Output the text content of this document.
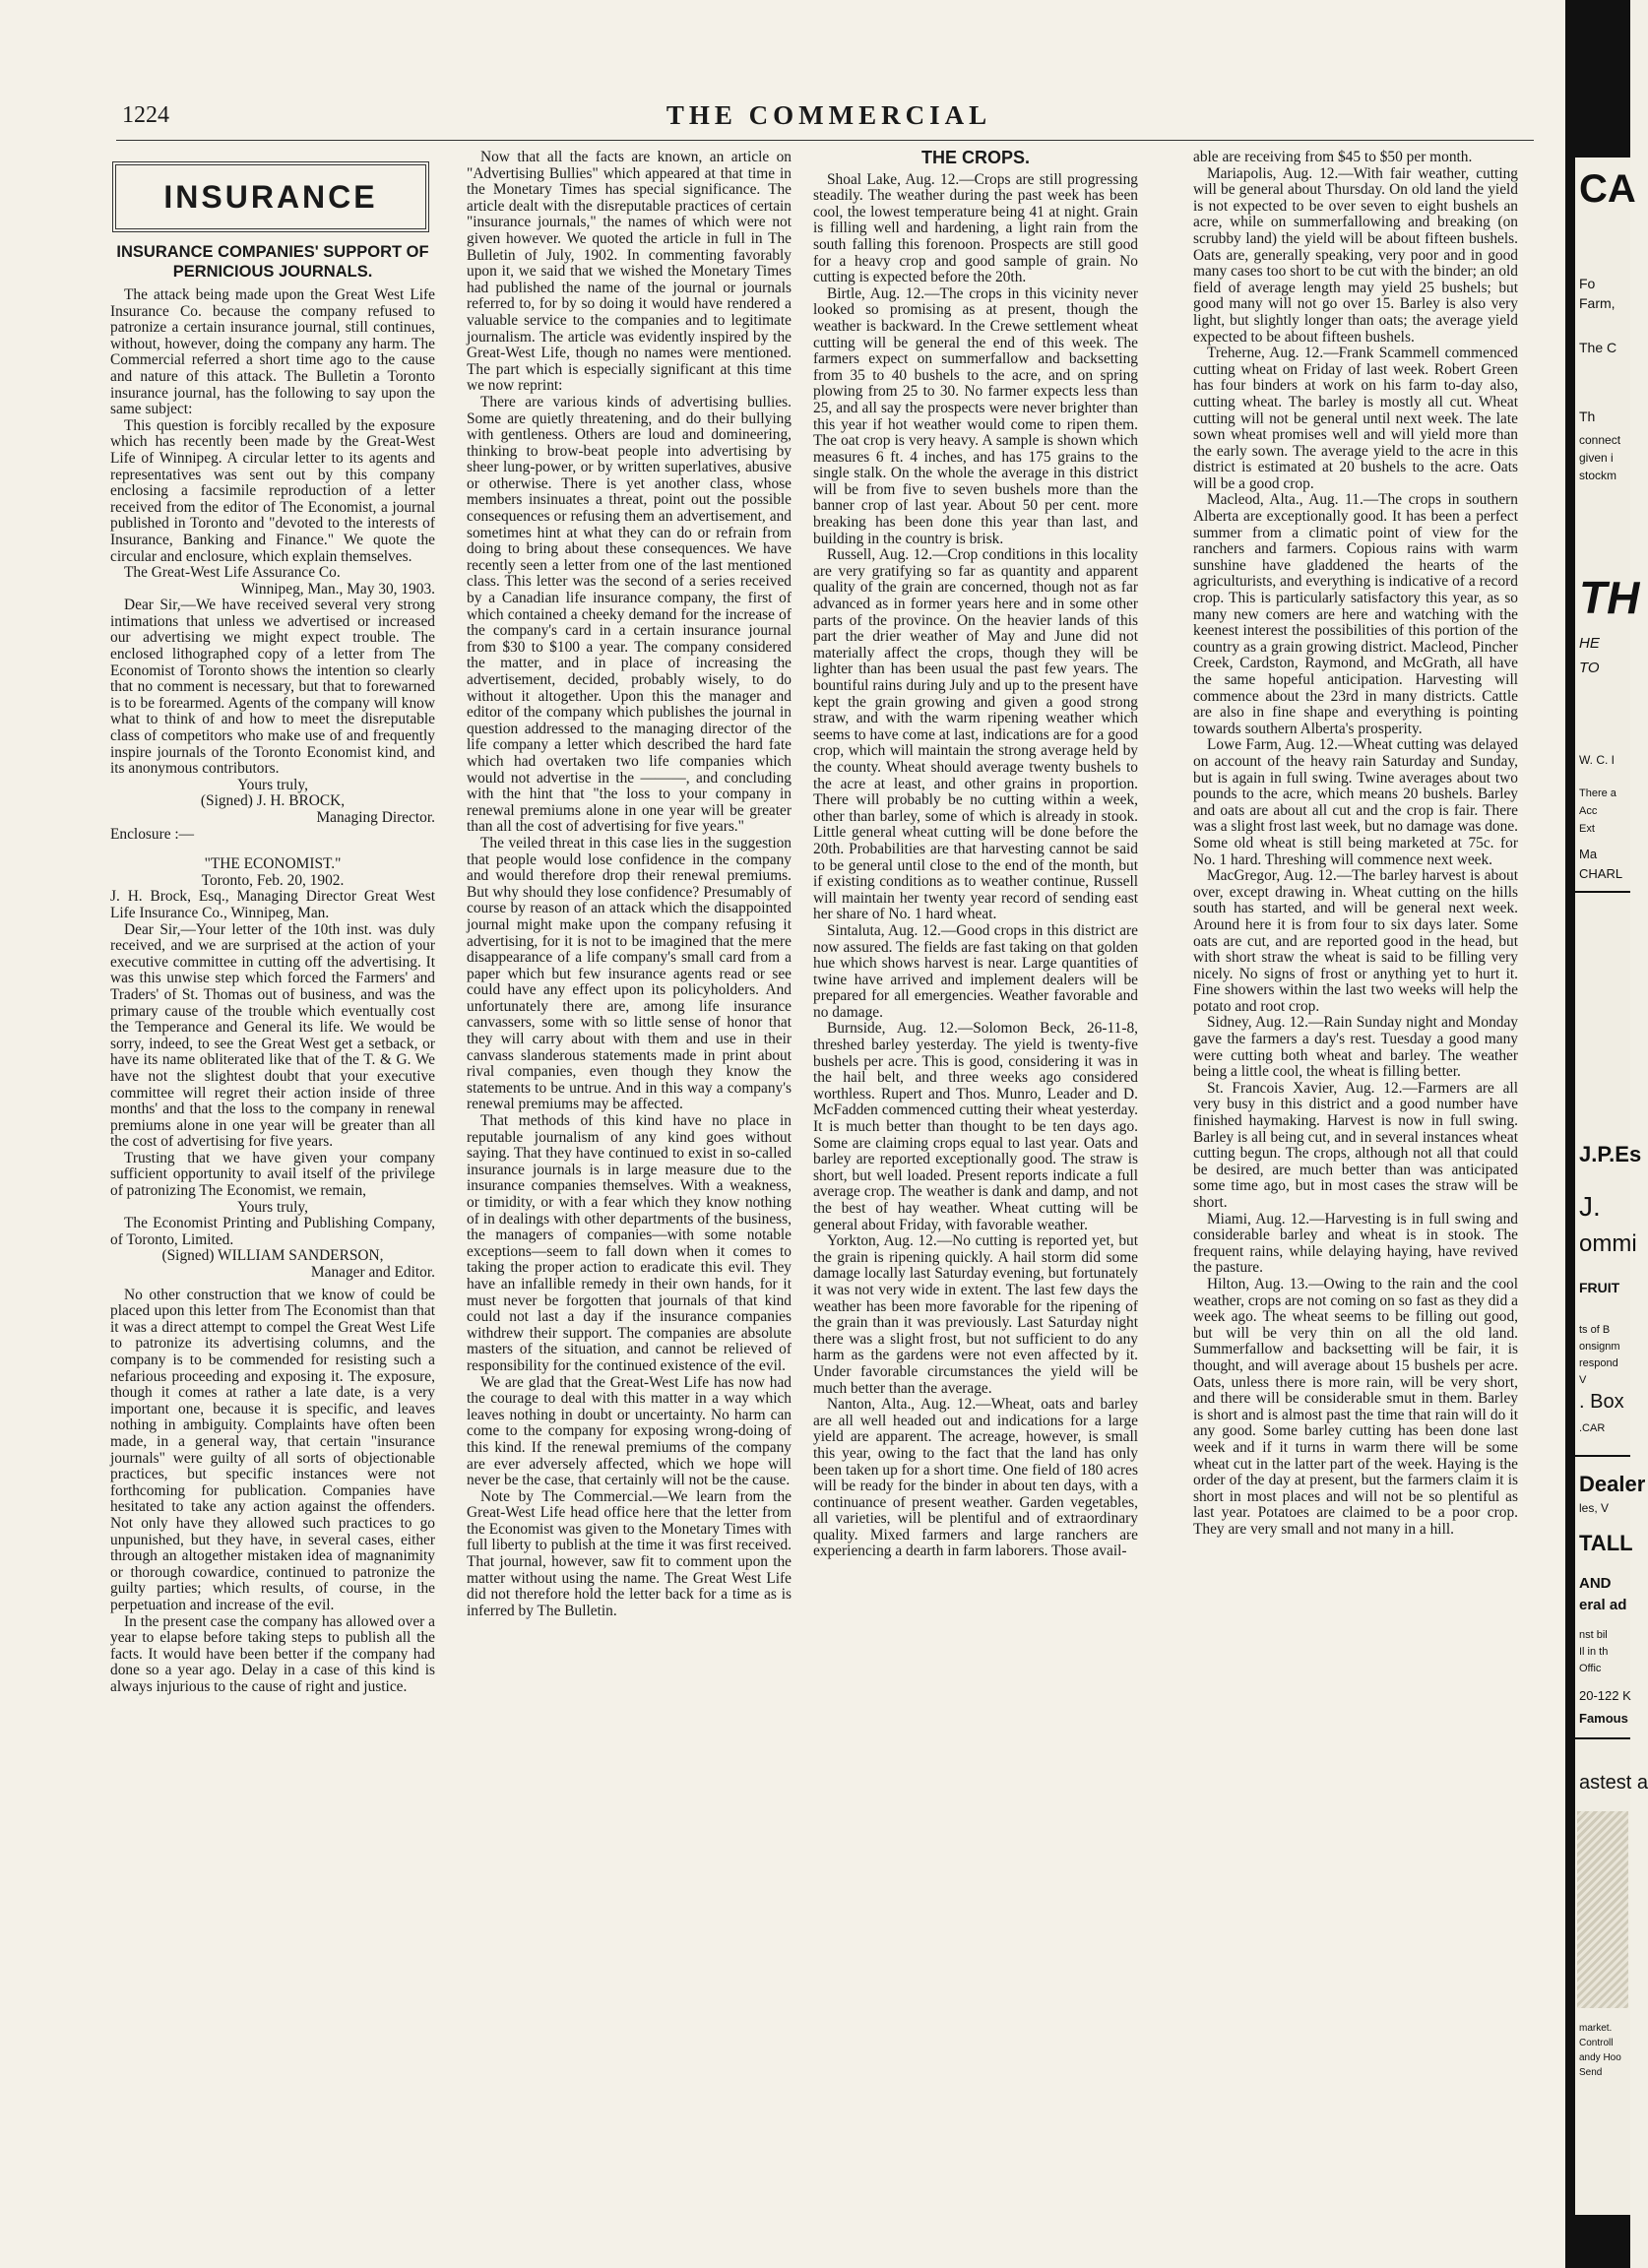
1224	THE COMMERCIAL
INSURANCE
INSURANCE COMPANIES' SUPPORT OF PERNICIOUS JOURNALS.

The attack being made upon the Great West Life Insurance Co. because the company refused to patronize a certain insurance journal, still continues, without, however, doing the company any harm. The Commercial referred a short time ago to the cause and nature of this attack. The Bulletin a Toronto insurance journal, has the following to say upon the same subject:

This question is forcibly recalled by the exposure which has recently been made by the Great-West Life of Winnipeg. A circular letter to its agents and representatives was sent out by this company enclosing a facsimile reproduction of a letter received from the editor of The Economist, a journal published in Toronto and "devoted to the interests of Insurance, Banking and Finance." We quote the circular and enclosure, which explain themselves.

The Great-West Life Assurance Co.

Winnipeg, Man., May 30, 1903.

Dear Sir,—We have received several very strong intimations that unless we advertised or increased our advertising we might expect trouble. The enclosed lithographed copy of a letter from The Economist of Toronto shows the intention so clearly that no comment is necessary, but that to forewarned is to be forearmed. Agents of the company will know what to think of and how to meet the disreputable class of competitors who make use of and frequently inspire journals of the Toronto Economist kind, and its anonymous contributors.

Yours truly,

(Signed) J. H. BROCK,

Managing Director.

Enclosure :—

"THE ECONOMIST."

Toronto, Feb. 20, 1902.

J. H. Brock, Esq., Managing Director Great West Life Insurance Co., Winnipeg, Man.

Dear Sir,—Your letter of the 10th inst. was duly received, and we are surprised at the action of your executive committee in cutting off the advertising. It was this unwise step which forced the Farmers' and Traders' of St. Thomas out of business, and was the primary cause of the trouble which eventually cost the Temperance and General its life. We would be sorry, indeed, to see the Great West get a setback, or have its name obliterated like that of the T. & G. We have not the slightest doubt that your executive committee will regret their action inside of three months' and that the loss to the company in renewal premiums alone in one year will be greater than all the cost of advertising for five years.

Trusting that we have given your company sufficient opportunity to avail itself of the privilege of patronizing The Economist, we remain,

Yours truly,

The Economist Printing and Publishing Company, of Toronto, Limited.

(Signed) WILLIAM SANDERSON,

Manager and Editor.

No other construction that we know of could be placed upon this letter from The Economist than that it was a direct attempt to compel the Great West Life to patronize its advertising columns, and the company is to be commended for resisting such a nefarious proceeding and exposing it. The exposure, though it comes at rather a late date, is a very important one, because it is specific, and leaves nothing in ambiguity. Complaints have often been made, in a general way, that certain "insurance journals" were guilty of all sorts of objectionable practices, but specific instances were not forthcoming for publication. Companies have hesitated to take any action against the offenders. Not only have they allowed such practices to go unpunished, but they have, in several cases, either through an altogether mistaken idea of magnanimity or thorough cowardice, continued to patronize the guilty parties; which results, of course, in the perpetuation and increase of the evil.

In the present case the company has allowed over a year to elapse before taking steps to publish all the facts. It would have been better if the company had done so a year ago. Delay in a case of this kind is always injurious to the cause of right and justice.

Now that all the facts are known, an article on "Advertising Bullies" which appeared at that time in the Monetary Times has special significance. The article dealt with the disreputable practices of certain "insurance journals," the names of which were not given however. We quoted the article in full in The Bulletin of July, 1902. In commenting favorably upon it, we said that we wished the Monetary Times had published the name of the journal or journals referred to, for by so doing it would have rendered a valuable service to the companies and to legitimate journalism. The article was evidently inspired by the Great-West Life, though no names were mentioned. The part which is especially significant at this time we now reprint:

There are various kinds of advertising bullies. Some are quietly threatening, and do their bullying with gentleness. Others are loud and domineering, thinking to brow-beat people into advertising by sheer lung-power, or by written superlatives, abusive or otherwise. There is yet another class, whose members insinuates a threat, point out the possible consequences or refusing them an advertisement, and sometimes hint at what they can do or refrain from doing to bring about these consequences. We have recently seen a letter from one of the last mentioned class. This letter was the second of a series received by a Canadian life insurance company, the first of which contained a cheeky demand for the increase of the company's card in a certain insurance journal from $30 to $100 a year. The company considered the matter, and in place of increasing the advertisement, decided, probably wisely, to do without it altogether. Upon this the manager and editor of the company which publishes the journal in question addressed to the managing director of the life company a letter which described the hard fate which had overtaken two life companies which would not advertise in the ———, and concluding with the hint that "the loss to your company in renewal premiums alone in one year will be greater than all the cost of advertising for five years."

The veiled threat in this case lies in the suggestion that people would lose confidence in the company and would therefore drop their renewal premiums. But why should they lose confidence? Presumably of course by reason of an attack which the disappointed journal might make upon the company refusing it advertising, for it is not to be imagined that the mere disappearance of a life company's small card from a paper which but few insurance agents read or see could have any effect upon its policyholders. And unfortunately there are, among life insurance canvassers, some with so little sense of honor that they will carry about with them and use in their canvass slanderous statements made in print about rival companies, even though they know the statements to be untrue. And in this way a company's renewal premiums may be affected.

That methods of this kind have no place in reputable journalism of any kind goes without saying. That they have continued to exist in so-called insurance journals is in large measure due to the insurance companies themselves. With a weakness, or timidity, or with a fear which they know nothing of in dealings with other departments of the business, the managers of companies—with some notable exceptions—seem to fall down when it comes to taking the proper action to eradicate this evil. They have an infallible remedy in their own hands, for it must never be forgotten that journals of that kind could not last a day if the insurance companies withdrew their support. The companies are absolute masters of the situation, and cannot be relieved of responsibility for the continued existence of the evil.

We are glad that the Great-West Life has now had the courage to deal with this matter in a way which leaves nothing in doubt or uncertainty. No harm can come to the company for exposing wrong-doing of this kind. If the renewal premiums of the company are ever adversely affected, which we hope will never be the case, that certainly will not be the cause.

Note by The Commercial.—We learn from the Great-West Life head office here that the letter from the Economist was given to the Monetary Times with full liberty to publish at the time it was first received. That journal, however, saw fit to comment upon the matter without using the name. The Great West Life did not therefore hold the letter back for a time as is inferred by The Bulletin.

THE CROPS.

Shoal Lake, Aug. 12.—Crops are still progressing steadily. The weather during the past week has been cool, the lowest temperature being 41 at night. Grain is filling well and hardening, a light rain from the south falling this forenoon. Prospects are still good for a heavy crop and good sample of grain. No cutting is expected before the 20th.

Birtle, Aug. 12.—The crops in this vicinity never looked so promising as at present, though the weather is backward. In the Crewe settlement wheat cutting will be general the end of this week. The farmers expect on summerfallow and backsetting from 35 to 40 bushels to the acre, and on spring plowing from 25 to 30. No farmer expects less than 25, and all say the prospects were never brighter than this year if hot weather would come to ripen them. The oat crop is very heavy. A sample is shown which measures 6 ft. 4 inches, and has 175 grains to the single stalk. On the whole the average in this district will be from five to seven bushels more than the banner crop of last year. About 50 per cent. more breaking has been done this year than last, and building in the country is brisk.

Russell, Aug. 12.—Crop conditions in this locality are very gratifying so far as quantity and apparent quality of the grain are concerned, though not as far advanced as in former years here and in some other parts of the province. On the heavier lands of this part the drier weather of May and June did not materially affect the crops, though they will be lighter than has been usual the past few years. The bountiful rains during July and up to the present have kept the grain growing and given a good strong straw, and with the warm ripening weather which seems to have come at last, indications are for a good crop, which will maintain the strong average held by the county. Wheat should average twenty bushels to the acre at least, and other grains in proportion. There will probably be no cutting within a week, other than barley, some of which is already in stook. Little general wheat cutting will be done before the 20th. Probabilities are that harvesting cannot be said to be general until close to the end of the month, but if existing conditions as to weather continue, Russell will maintain her twenty year record of sending east her share of No. 1 hard wheat.

Sintaluta, Aug. 12.—Good crops in this district are now assured. The fields are fast taking on that golden hue which shows harvest is near. Large quantities of twine have arrived and implement dealers will be prepared for all emergencies. Weather favorable and no damage.

Burnside, Aug. 12.—Solomon Beck, 26-11-8, threshed barley yesterday. The yield is twenty-five bushels per acre. This is good, considering it was in the hail belt, and three weeks ago considered worthless. Rupert and Thos. Munro, Leader and D. McFadden commenced cutting their wheat yesterday. It is much better than thought to be ten days ago. Some are claiming crops equal to last year. Oats and barley are reported exceptionally good. The straw is short, but well loaded. Present reports indicate a full average crop. The weather is dank and damp, and not the best of hay weather. Wheat cutting will be general about Friday, with favorable weather.

Yorkton, Aug. 12.—No cutting is reported yet, but the grain is ripening quickly. A hail storm did some damage locally last Saturday evening, but fortunately it was not very wide in extent. The last few days the weather has been more favorable for the ripening of the grain than it was previously. Last Saturday night there was a slight frost, but not sufficient to do any harm as the gardens were not even affected by it. Under favorable circumstances the yield will be much better than the average.

Nanton, Alta., Aug. 12.—Wheat, oats and barley are all well headed out and indications for a large yield are apparent. The acreage, however, is small this year, owing to the fact that the land has only been taken up for a short time. One field of 180 acres will be ready for the binder in about ten days, with a continuance of present weather. Garden vegetables, all varieties, will be plentiful and of extraordinary quality. Mixed farmers and large ranchers are experiencing a dearth in farm laborers. Those avail-

able are receiving from $45 to $50 per month.

Mariapolis, Aug. 12.—With fair weather, cutting will be general about Thursday. On old land the yield is not expected to be over seven to eight bushels an acre, while on summerfallowing and breaking (on scrubby land) the yield will be about fifteen bushels. Oats are, generally speaking, very poor and in good many cases too short to be cut with the binder; an old field of average length may yield 25 bushels; but good many will not go over 15. Barley is also very light, but slightly longer than oats; the average yield expected to be about fifteen bushels.

Treherne, Aug. 12.—Frank Scammell commenced cutting wheat on Friday of last week. Robert Green has four binders at work on his farm to-day also, cutting wheat. The barley is mostly all cut. Wheat cutting will not be general until next week. The late sown wheat promises well and will yield more than the early sown. The average yield to the acre in this district is estimated at 20 bushels to the acre. Oats will be a good crop.

Macleod, Alta., Aug. 11.—The crops in southern Alberta are exceptionally good. It has been a perfect summer from a climatic point of view for the ranchers and farmers. Copious rains with warm sunshine have gladdened the hearts of the agriculturists, and everything is indicative of a record crop. This is particularly satisfactory this year, as so many new comers are here and watching with the keenest interest the possibilities of this portion of the country as a grain growing district. Macleod, Pincher Creek, Cardston, Raymond, and McGrath, all have the same hopeful anticipation. Harvesting will commence about the 23rd in many districts. Cattle are also in fine shape and everything is pointing towards southern Alberta's prosperity.

Lowe Farm, Aug. 12.—Wheat cutting was delayed on account of the heavy rain Saturday and Sunday, but is again in full swing. Twine averages about two pounds to the acre, which means 20 bushels. Barley and oats are about all cut and the crop is fair. There was a slight frost last week, but no damage was done. Some old wheat is still being marketed at 75c. for No. 1 hard. Threshing will commence next week.

MacGregor, Aug. 12.—The barley harvest is about over, except drawing in. Wheat cutting on the hills south has started, and will be general next week. Around here it is from four to six days later. Some oats are cut, and are reported good in the head, but with short straw the wheat is said to be filling very nicely. No signs of frost or anything yet to hurt it. Fine showers within the last two weeks will help the potato and root crop.

Sidney, Aug. 12.—Rain Sunday night and Monday gave the farmers a day's rest. Tuesday a good many were cutting both wheat and barley. The weather being a little cool, the wheat is filling better.

St. Francois Xavier, Aug. 12.—Farmers are all very busy in this district and a good number have finished haymaking. Harvest is now in full swing. Barley is all being cut, and in several instances wheat cutting begun. The crops, although not all that could be desired, are much better than was anticipated some time ago, but in most cases the straw will be short.

Miami, Aug. 12.—Harvesting is in full swing and considerable barley and wheat is in stook. The frequent rains, while delaying haying, have revived the pasture.

Hilton, Aug. 13.—Owing to the rain and the cool weather, crops are not coming on so fast as they did a week ago. The wheat seems to be filling out good, but will be very thin on all the old land. Summerfallow and backsetting will be fair, it is thought, and will average about 15 bushels per acre. Oats, unless there is more rain, will be very short, and there will be considerable smut in them. Barley is short and is almost past the time that rain will do it any good. Some barley cutting has been done last week and if it turns in warm there will be some wheat cut in the latter part of the week. Haying is the order of the day at present, but the farmers claim it is short in most places and will not be so plentiful as last year. Potatoes are claimed to be a poor crop. They are very small and not many in a hill.

CA
Fo
Farm,
The C
Th
connect
given i
stockm
TH
HE
TO
W. C. I
There a
Acc
Ext
Ma
CHARL
J.P.Es
J.
ommi
FRUIT
ts of B
onsignm
respond
V
. Box
.CAR
Dealer
les, V
TALL
AND
eral ad
nst bil
Il in th
Offic
20-122 K
Famous
astest a
market.
Controll
andy Hoo
Send
